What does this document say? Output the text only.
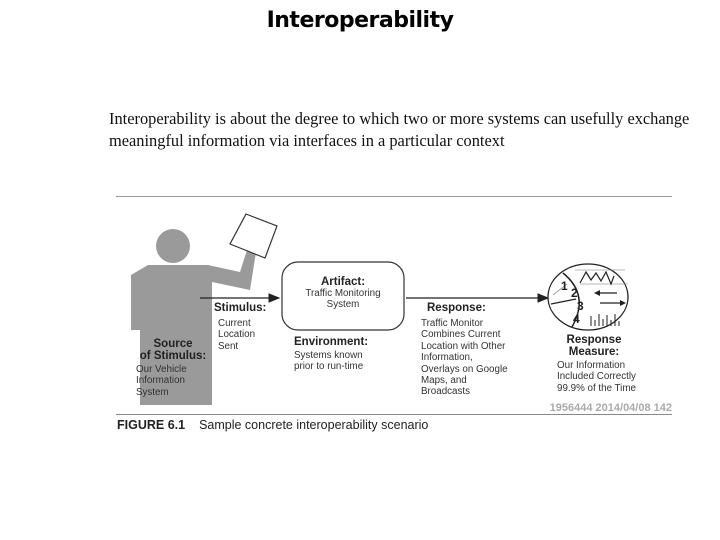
Interoperability
Interoperability is about the degree to which two or more systems can usefully exchange meaningful information via interfaces in a particular context
1 2
3
4
Source
of Stimulus:
Our Vehicle
Information
System
Stimulus:
Current
Location
Sent
Artifact:
Traffic Monitoring
System
Environment:
Systems known
prior to run-time
Response:
Traffic Monitor
Combines Current
Location with Other
Information,
Overlays on Google
Maps, and
Broadcasts
Response
Measure:
Our Information
Included Correctly
99.9% of the Time
1956444 2014/04/08 142
FIGURE 6.1 Sample concrete interoperability scenario
